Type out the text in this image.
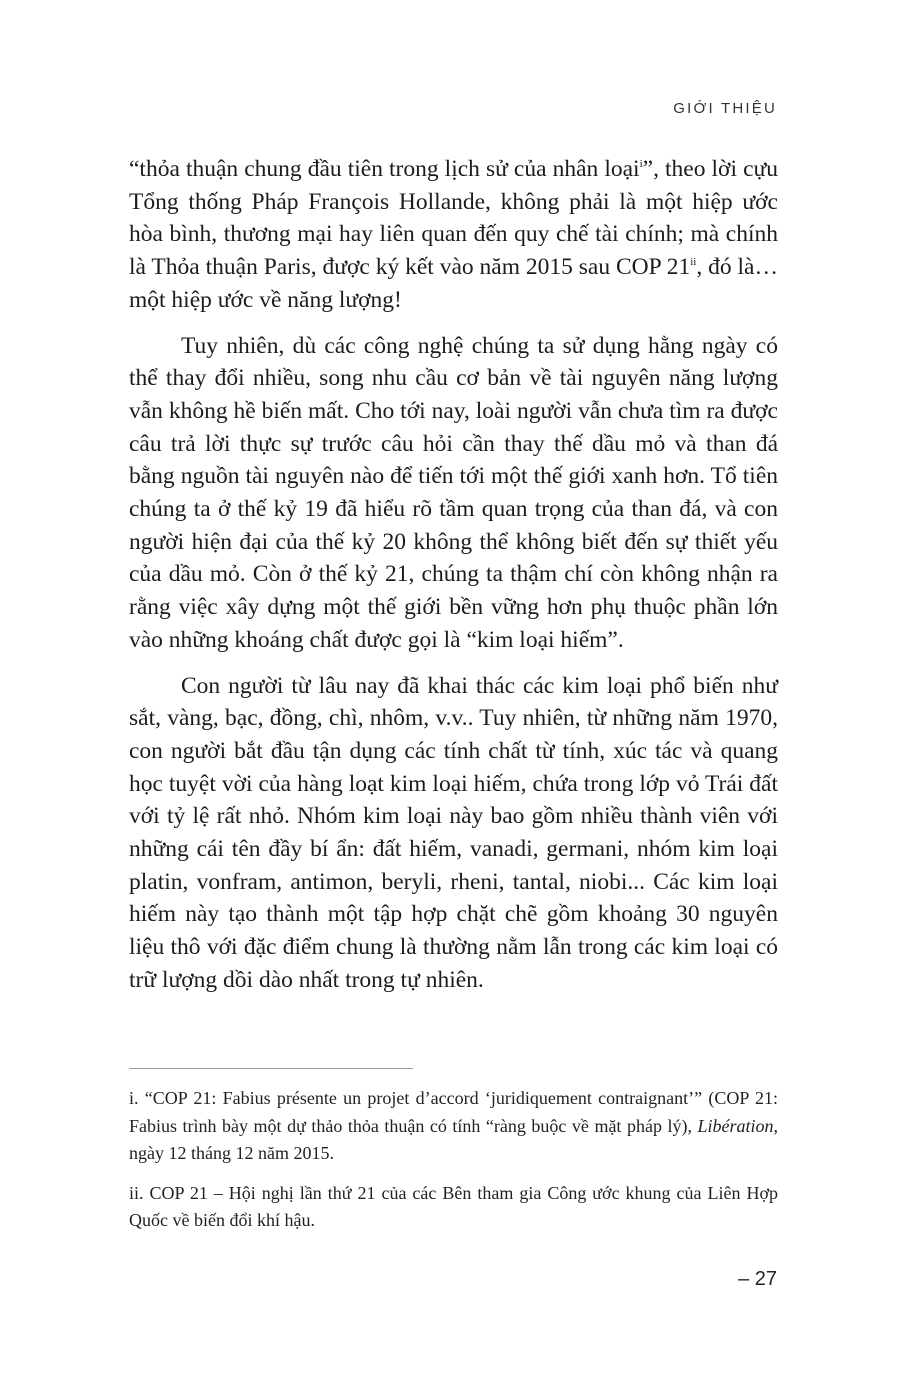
GIỚI THIỆU

“thỏa thuận chung đầu tiên trong lịch sử của nhân loại$^i$”, theo lời cựu Tổng thống Pháp François Hollande, không phải là một hiệp ước hòa bình, thương mại hay liên quan đến quy chế tài chính; mà chính là Thỏa thuận Paris, được ký kết vào năm 2015 sau COP 21$^{ii}$, đó là… một hiệp ước về năng lượng!

Tuy nhiên, dù các công nghệ chúng ta sử dụng hằng ngày có thể thay đổi nhiều, song nhu cầu cơ bản về tài nguyên năng lượng vẫn không hề biến mất. Cho tới nay, loài người vẫn chưa tìm ra được câu trả lời thực sự trước câu hỏi cần thay thế dầu mỏ và than đá bằng nguồn tài nguyên nào để tiến tới một thế giới xanh hơn. Tổ tiên chúng ta ở thế kỷ 19 đã hiểu rõ tầm quan trọng của than đá, và con người hiện đại của thế kỷ 20 không thể không biết đến sự thiết yếu của dầu mỏ. Còn ở thế kỷ 21, chúng ta thậm chí còn không nhận ra rằng việc xây dựng một thế giới bền vững hơn phụ thuộc phần lớn vào những khoáng chất được gọi là “kim loại hiếm”.

Con người từ lâu nay đã khai thác các kim loại phổ biến như sắt, vàng, bạc, đồng, chì, nhôm, v.v.. Tuy nhiên, từ những năm 1970, con người bắt đầu tận dụng các tính chất từ tính, xúc tác và quang học tuyệt vời của hàng loạt kim loại hiếm, chứa trong lớp vỏ Trái đất với tỷ lệ rất nhỏ. Nhóm kim loại này bao gồm nhiều thành viên với những cái tên đầy bí ẩn: đất hiếm, vanadi, germani, nhóm kim loại platin, vonfram, antimon, beryli, rheni, tantal, niobi... Các kim loại hiếm này tạo thành một tập hợp chặt chẽ gồm khoảng 30 nguyên liệu thô với đặc điểm chung là thường nằm lẫn trong các kim loại có trữ lượng dồi dào nhất trong tự nhiên.

i. “COP 21: Fabius présente un projet d’accord ‘juridiquement contraignant’” (COP 21: Fabius trình bày một dự thảo thỏa thuận có tính “ràng buộc về mặt pháp lý), Libération, ngày 12 tháng 12 năm 2015.

ii. COP 21 – Hội nghị lần thứ 21 của các Bên tham gia Công ước khung của Liên Hợp Quốc về biến đổi khí hậu.

– 27
